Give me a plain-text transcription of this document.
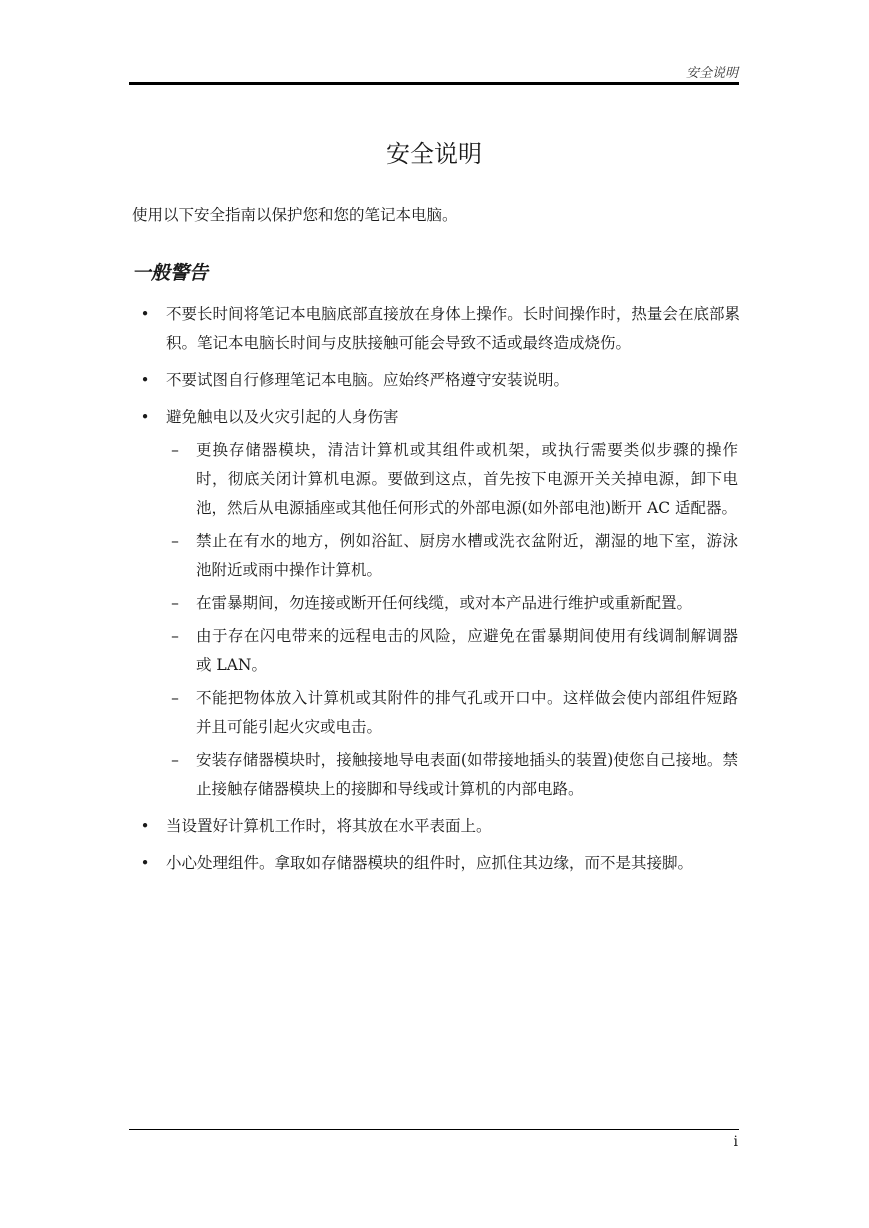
安全说明
安全说明

使用以下安全指南以保护您和您的笔记本电脑。

一般警告
• 不要长时间将笔记本电脑底部直接放在身体上操作。长时间操作时，热量会在底部累积。笔记本电脑长时间与皮肤接触可能会导致不适或最终造成烧伤。
• 不要试图自行修理笔记本电脑。应始终严格遵守安装说明。
• 避免触电以及火灾引起的人身伤害
– 更换存储器模块，清洁计算机或其组件或机架，或执行需要类似步骤的操作时，彻底关闭计算机电源。要做到这点，首先按下电源开关关掉电源，卸下电池，然后从电源插座或其他任何形式的外部电源(如外部电池)断开 AC 适配器。
– 禁止在有水的地方，例如浴缸、厨房水槽或洗衣盆附近，潮湿的地下室，游泳池附近或雨中操作计算机。
– 在雷暴期间，勿连接或断开任何线缆，或对本产品进行维护或重新配置。
– 由于存在闪电带来的远程电击的风险，应避免在雷暴期间使用有线调制解调器或 LAN。
– 不能把物体放入计算机或其附件的排气孔或开口中。这样做会使内部组件短路并且可能引起火灾或电击。
– 安装存储器模块时，接触接地导电表面(如带接地插头的装置)使您自己接地。禁止接触存储器模块上的接脚和导线或计算机的内部电路。
• 当设置好计算机工作时，将其放在水平表面上。
• 小心处理组件。拿取如存储器模块的组件时，应抓住其边缘，而不是其接脚。
i
